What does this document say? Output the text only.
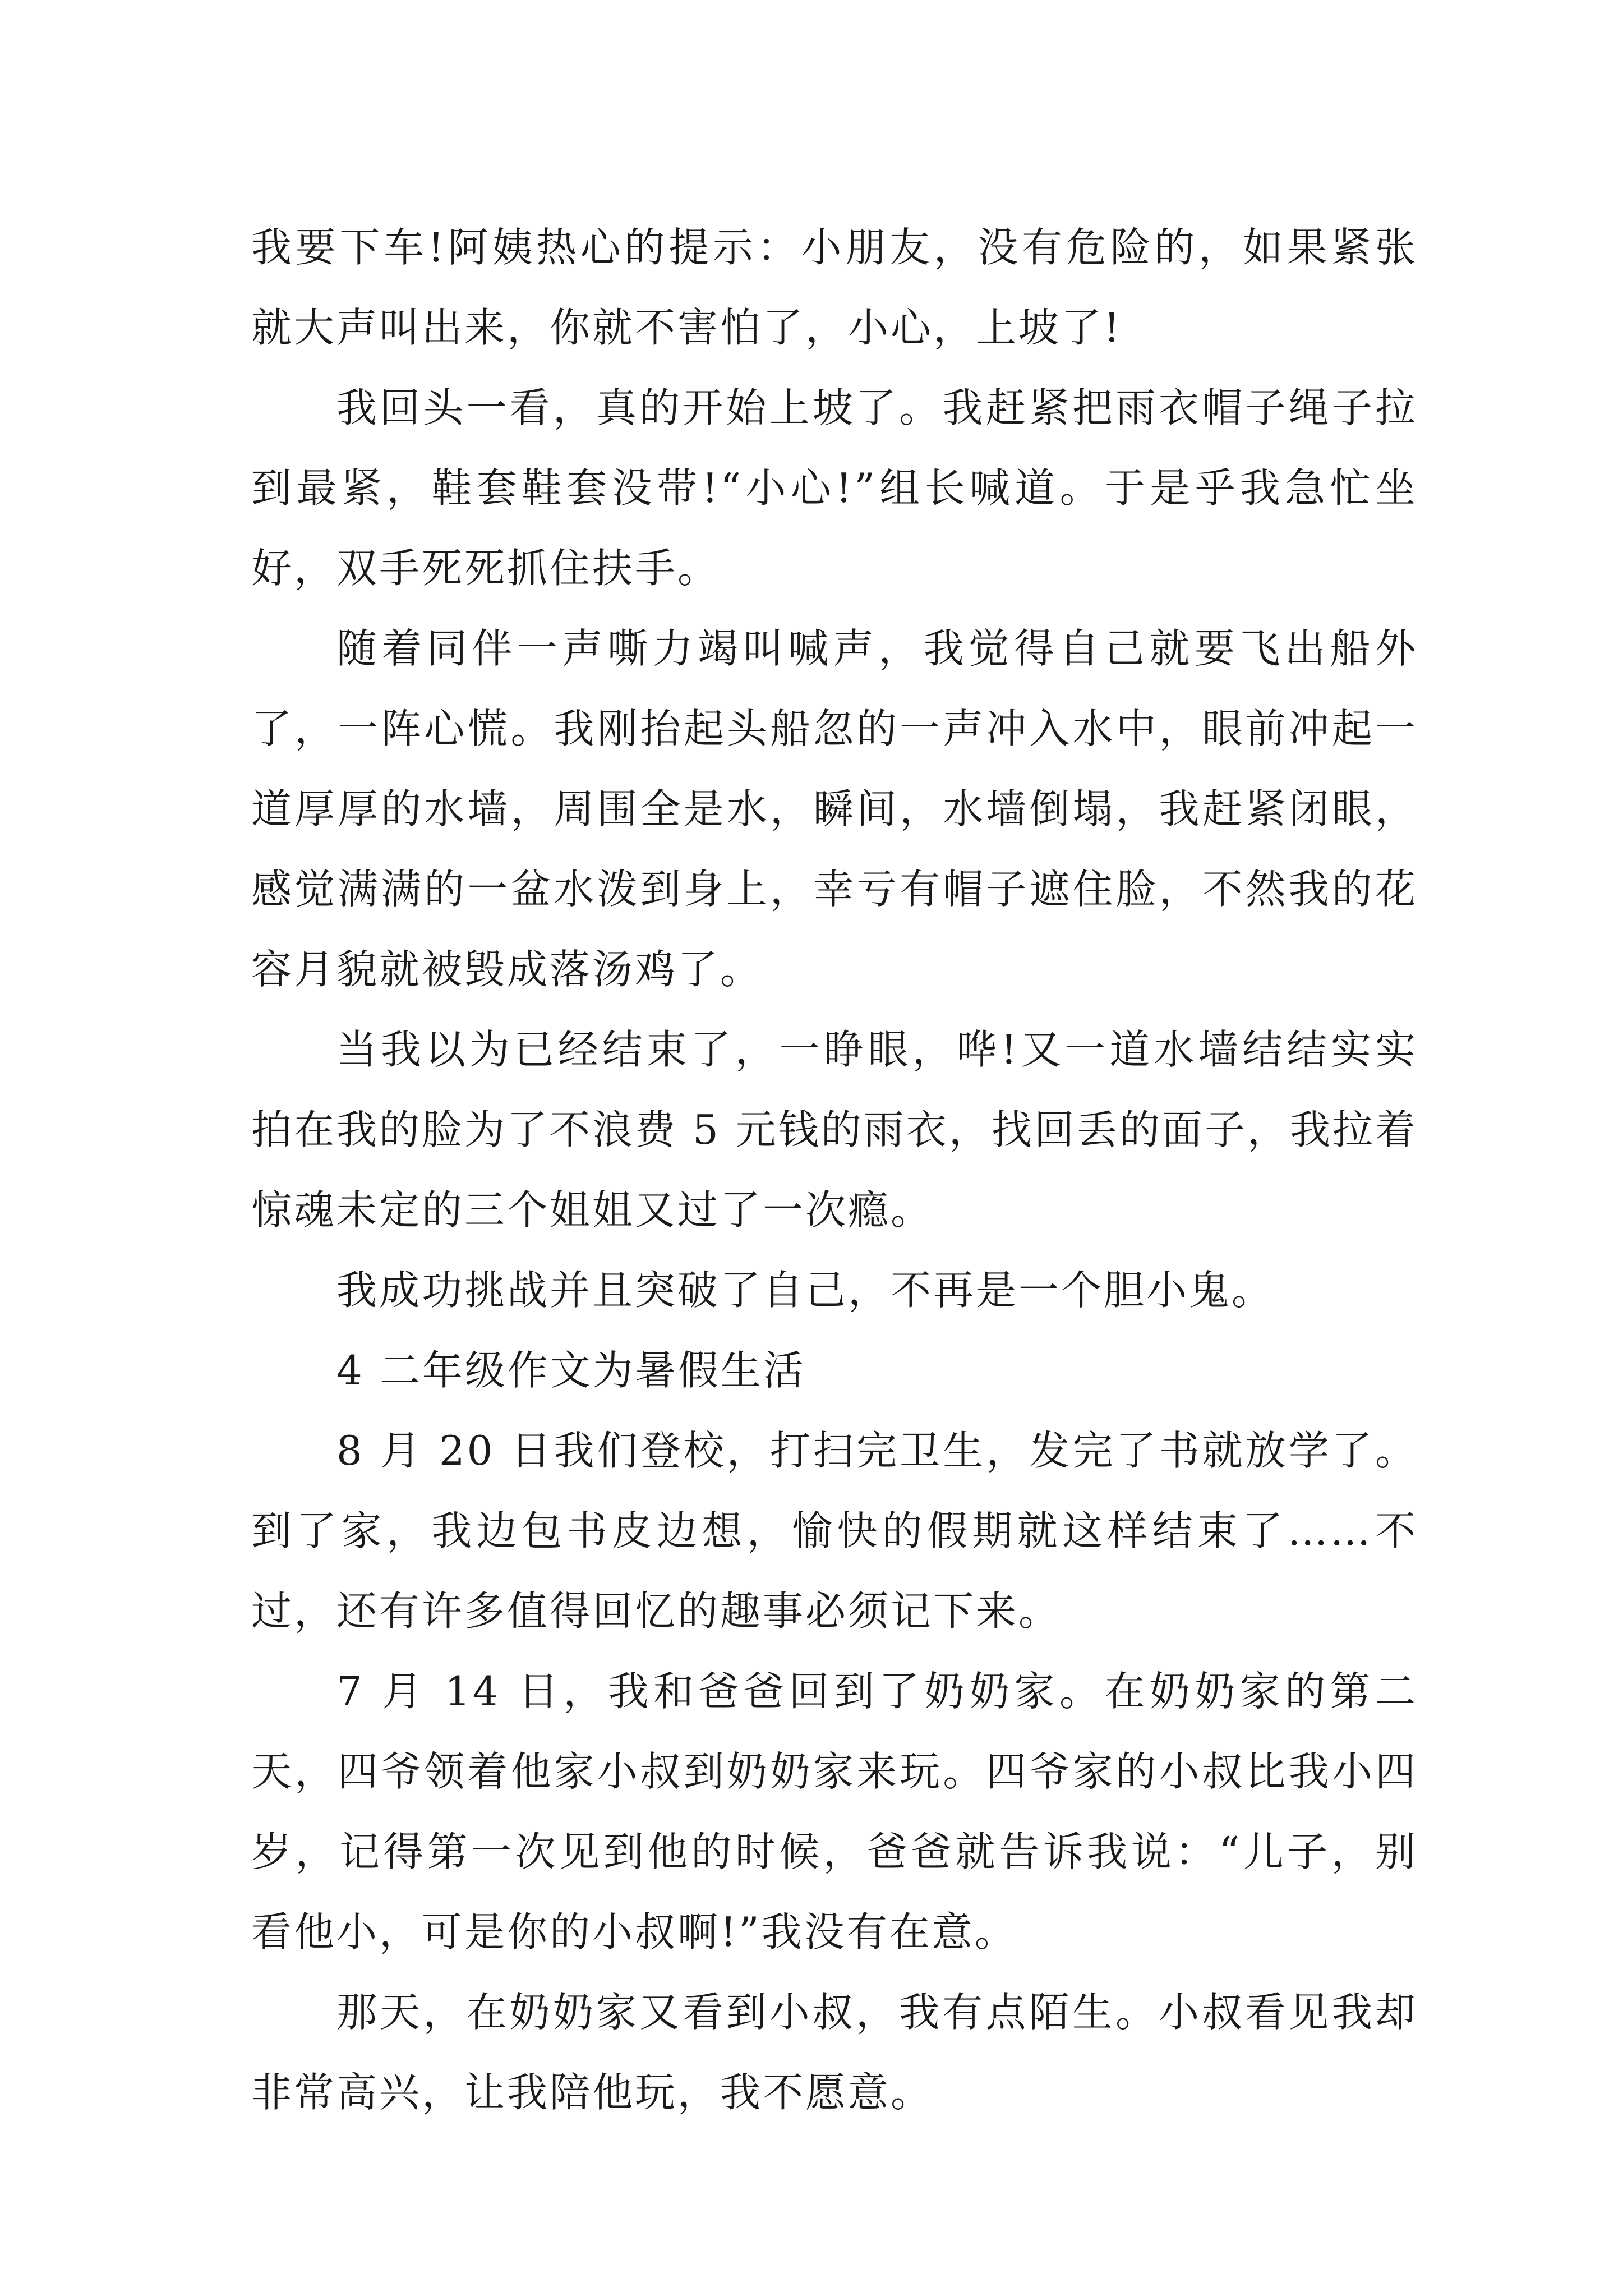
我要下车!阿姨热心的提示：小朋友，没有危险的，如果紧张就大声叫出来，你就不害怕了，小心，上坡了!

我回头一看，真的开始上坡了。我赶紧把雨衣帽子绳子拉到最紧，鞋套鞋套没带!“小心!”组长喊道。于是乎我急忙坐好，双手死死抓住扶手。

随着同伴一声嘶力竭叫喊声，我觉得自己就要飞出船外了，一阵心慌。我刚抬起头船忽的一声冲入水中，眼前冲起一道厚厚的水墙，周围全是水，瞬间，水墙倒塌，我赶紧闭眼，感觉满满的一盆水泼到身上，幸亏有帽子遮住脸，不然我的花容月貌就被毁成落汤鸡了。

当我以为已经结束了，一睁眼，哗!又一道水墙结结实实拍在我的脸为了不浪费 5 元钱的雨衣，找回丢的面子，我拉着惊魂未定的三个姐姐又过了一次瘾。

我成功挑战并且突破了自己，不再是一个胆小鬼。

4 二年级作文为暑假生活

8 月 20 日我们登校，打扫完卫生，发完了书就放学了。到了家，我边包书皮边想，愉快的假期就这样结束了……不过，还有许多值得回忆的趣事必须记下来。

7 月 14 日，我和爸爸回到了奶奶家。在奶奶家的第二天，四爷领着他家小叔到奶奶家来玩。四爷家的小叔比我小四岁，记得第一次见到他的时候，爸爸就告诉我说：“儿子，别看他小，可是你的小叔啊!”我没有在意。

那天，在奶奶家又看到小叔，我有点陌生。小叔看见我却非常高兴，让我陪他玩，我不愿意。
